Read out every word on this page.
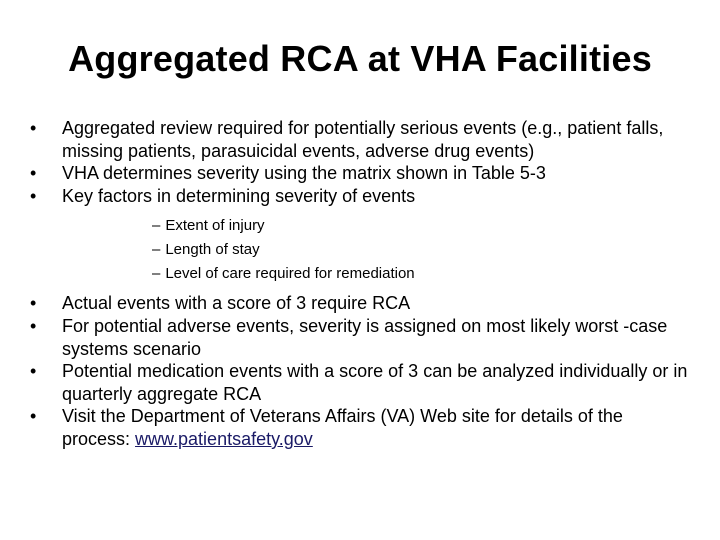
Aggregated RCA at VHA Facilities
•	Aggregated review required for potentially serious events (e.g., patient falls, missing patients, parasuicidal events, adverse drug events)
•	VHA determines severity using the matrix shown in Table 5-3
•	Key factors in determining severity of events
– Extent of injury
– Length of stay
– Level of care required for remediation
•	Actual events with a score of 3 require RCA
•	For potential adverse events, severity is assigned on most likely worst -case systems scenario
•	Potential medication events with a score of 3 can be analyzed individually or in quarterly aggregate RCA
•	Visit the Department of Veterans Affairs (VA) Web site for details of the process: www.patientsafety.gov
